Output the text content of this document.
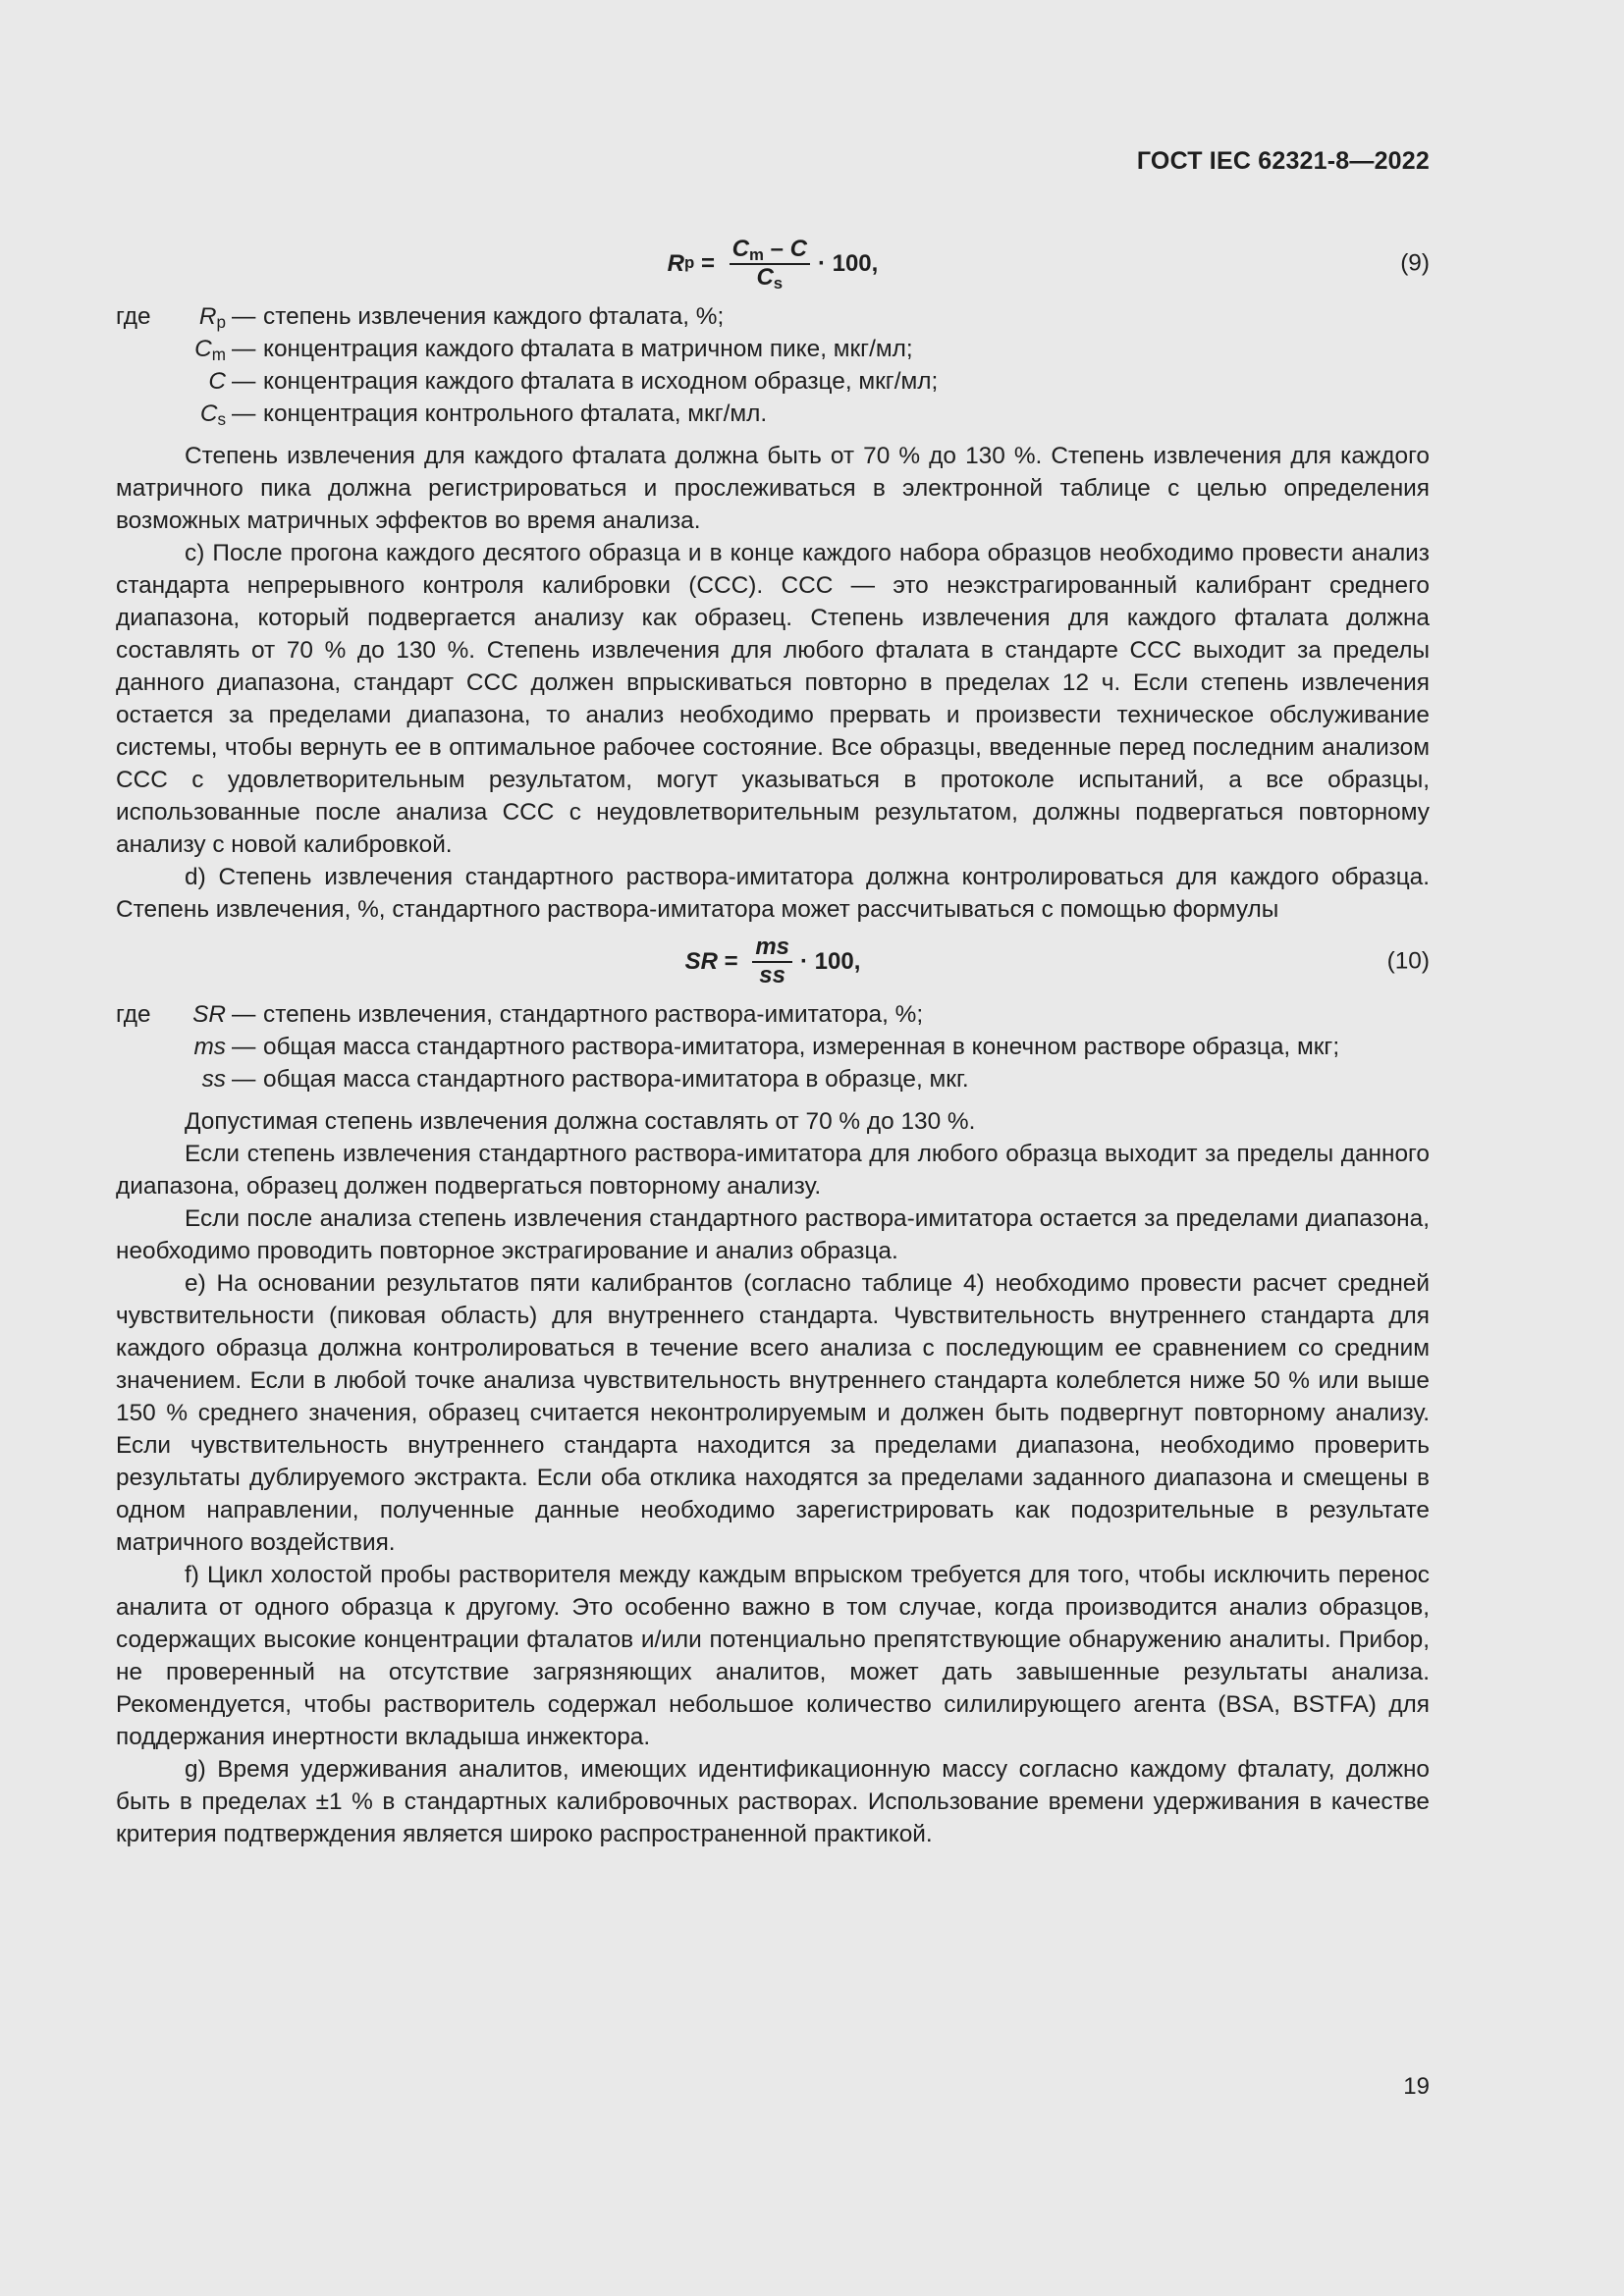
ГОСТ IEC 62321-8—2022
R $p = \frac{C_m - C}{C_s} \cdot 100$,	(9)
где	$R_p$ — степень извлечения каждого фталата, %;
$C_m$ — концентрация каждого фталата в матричном пике, мкг/мл;
C — концентрация каждого фталата в исходном образце, мкг/мл;
$C_s$ — концентрация контрольного фталата, мкг/мл.

Степень извлечения для каждого фталата должна быть от 70 % до 130 %. Степень извлечения для каждого матричного пика должна регистрироваться и прослеживаться в электронной таблице с целью определения возможных матричных эффектов во время анализа.

c) После прогона каждого десятого образца и в конце каждого набора образцов необходимо провести анализ стандарта непрерывного контроля калибровки (ССС). ССС — это неэкстрагированный калибрант среднего диапазона, который подвергается анализу как образец. Степень извлечения для каждого фталата должна составлять от 70 % до 130 %. Степень извлечения для любого фталата в стандарте ССС выходит за пределы данного диапазона, стандарт ССС должен впрыскиваться повторно в пределах 12 ч. Если степень извлечения остается за пределами диапазона, то анализ необходимо прервать и произвести техническое обслуживание системы, чтобы вернуть ее в оптимальное рабочее состояние. Все образцы, введенные перед последним анализом ССС с удовлетворительным результатом, могут указываться в протоколе испытаний, а все образцы, использованные после анализа ССС с неудовлетворительным результатом, должны подвергаться повторному анализу с новой калибровкой.

d) Степень извлечения стандартного раствора-имитатора должна контролироваться для каждого образца. Степень извлечения, %, стандартного раствора-имитатора может рассчитываться с помощью формулы

SR = $\frac{ms}{ss} \cdot 100$,	(10)
где	SR — степень извлечения, стандартного раствора-имитатора, %;
ms — общая масса стандартного раствора-имитатора, измеренная в конечном растворе образца, мкг;
ss — общая масса стандартного раствора-имитатора в образце, мкг.

Допустимая степень извлечения должна составлять от 70 % до 130 %.

Если степень извлечения стандартного раствора-имитатора для любого образца выходит за пределы данного диапазона, образец должен подвергаться повторному анализу.

Если после анализа степень извлечения стандартного раствора-имитатора остается за пределами диапазона, необходимо проводить повторное экстрагирование и анализ образца.

e) На основании результатов пяти калибрантов (согласно таблице 4) необходимо провести расчет средней чувствительности (пиковая область) для внутреннего стандарта. Чувствительность внутреннего стандарта для каждого образца должна контролироваться в течение всего анализа с последующим ее сравнением со средним значением. Если в любой точке анализа чувствительность внутреннего стандарта колеблется ниже 50 % или выше 150 % среднего значения, образец считается неконтролируемым и должен быть подвергнут повторному анализу. Если чувствительность внутреннего стандарта находится за пределами диапазона, необходимо проверить результаты дублируемого экстракта. Если оба отклика находятся за пределами заданного диапазона и смещены в одном направлении, полученные данные необходимо зарегистрировать как подозрительные в результате матричного воздействия.

f) Цикл холостой пробы растворителя между каждым впрыском требуется для того, чтобы исключить перенос аналита от одного образца к другому. Это особенно важно в том случае, когда производится анализ образцов, содержащих высокие концентрации фталатов и/или потенциально препятствующие обнаружению аналиты. Прибор, не проверенный на отсутствие загрязняющих аналитов, может дать завышенные результаты анализа. Рекомендуется, чтобы растворитель содержал небольшое количество силилирующего агента (BSA, BSTFA) для поддержания инертности вкладыша инжектора.

g) Время удерживания аналитов, имеющих идентификационную массу согласно каждому фталату, должно быть в пределах ±1 % в стандартных калибровочных растворах. Использование времени удерживания в качестве критерия подтверждения является широко распространенной практикой.

19
